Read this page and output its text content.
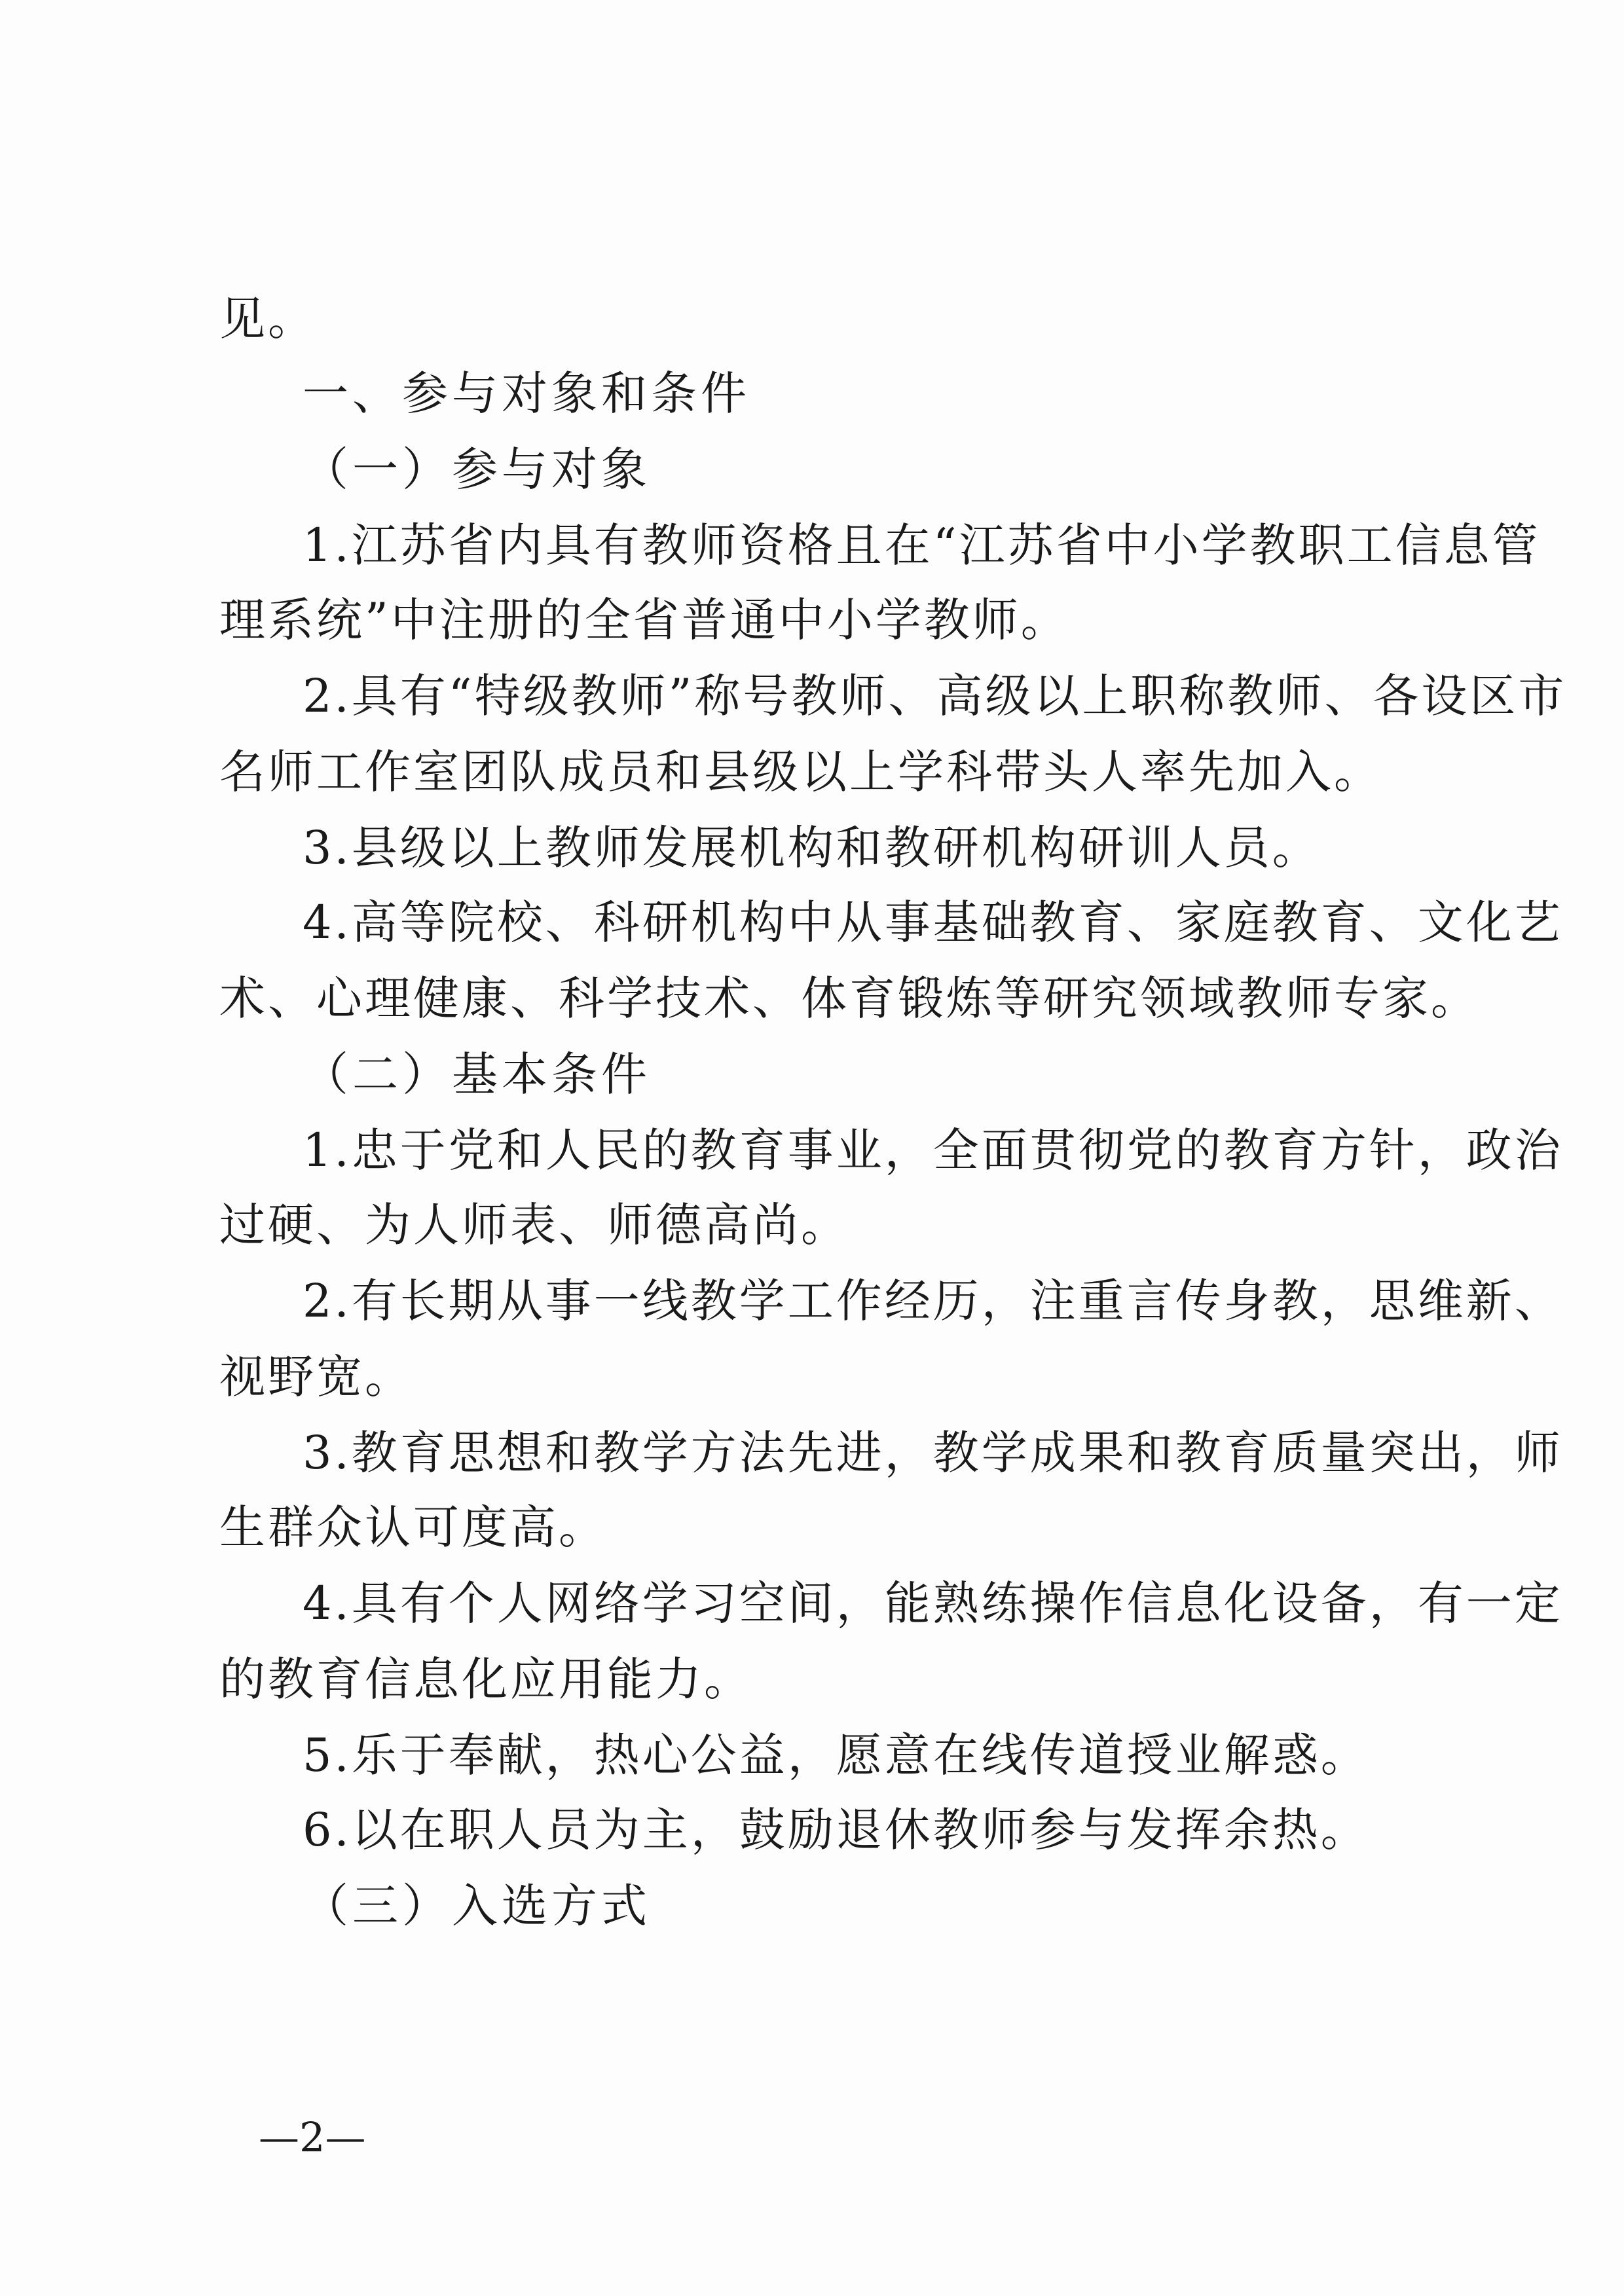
见。
一、参与对象和条件
（一）参与对象
1.江苏省内具有教师资格且在“江苏省中小学教职工信息管
理系统”中注册的全省普通中小学教师。
2.具有“特级教师”称号教师、高级以上职称教师、各设区市
名师工作室团队成员和县级以上学科带头人率先加入。
3.县级以上教师发展机构和教研机构研训人员。
4.高等院校、科研机构中从事基础教育、家庭教育、文化艺
术、心理健康、科学技术、体育锻炼等研究领域教师专家。
（二）基本条件
1.忠于党和人民的教育事业，全面贯彻党的教育方针，政治
过硬、为人师表、师德高尚。
2.有长期从事一线教学工作经历，注重言传身教，思维新、
视野宽。
3.教育思想和教学方法先进，教学成果和教育质量突出，师
生群众认可度高。
4.具有个人网络学习空间，能熟练操作信息化设备，有一定
的教育信息化应用能力。
5.乐于奉献，热心公益，愿意在线传道授业解惑。
6.以在职人员为主，鼓励退休教师参与发挥余热。
（三）入选方式
—2—
